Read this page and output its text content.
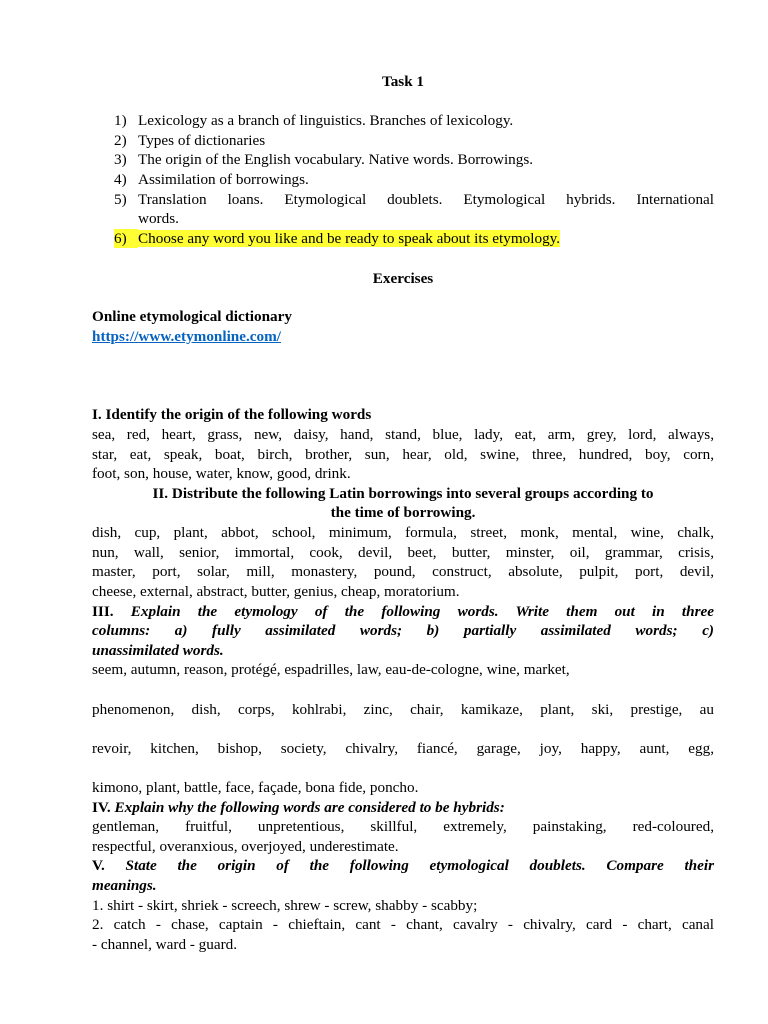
Task 1
1) Lexicology as a branch of linguistics. Branches of lexicology.
2) Types of dictionaries
3) The origin of the English vocabulary. Native words. Borrowings.
4) Assimilation of borrowings.
5) Translation loans. Etymological doublets. Etymological hybrids. International
words.
6) Choose any word you like and be ready to speak about its etymology.
Exercises
Online etymological dictionary
https://www.etymonline.com/
I. Identify the origin of the following words
sea, red, heart, grass, new, daisy, hand, stand, blue, lady, eat, arm, grey, lord, always,
star, eat, speak, boat, birch, brother, sun, hear, old, swine, three, hundred, boy, corn,
foot, son, house, water, know, good, drink.
II. Distribute the following Latin borrowings into several groups according to
the time of borrowing.
dish, cup, plant, abbot, school, minimum, formula, street, monk, mental, wine, chalk,
nun, wall, senior, immortal, cook, devil, beet, butter, minster, oil, grammar, crisis,
master, port, solar, mill, monastery, pound, construct, absolute, pulpit, port, devil,
cheese, external, abstract, butter, genius, cheap, moratorium.
III. Explain the etymology of the following words. Write them out in three
columns: a) fully assimilated words; b) partially assimilated words; c)
unassimilated words.
seem, autumn, reason, protégé, espadrilles, law, eau-de-cologne, wine, market,
phenomenon, dish, corps, kohlrabi, zinc, chair, kamikaze, plant, ski, prestige, au
revoir, kitchen, bishop, society, chivalry, fiancé, garage, joy, happy, aunt, egg,
kimono, plant, battle, face, façade, bona fide, poncho.
IV. Explain why the following words are considered to be hybrids:
gentleman, fruitful, unpretentious, skillful, extremely, painstaking, red-coloured,
respectful, overanxious, overjoyed, underestimate.
V. State the origin of the following etymological doublets. Compare their
meanings.
1. shirt - skirt, shriek - screech, shrew - screw, shabby - scabby;
2. catch - chase, captain - chieftain, cant - chant, cavalry - chivalry, card - chart, canal
- channel, ward - guard.
